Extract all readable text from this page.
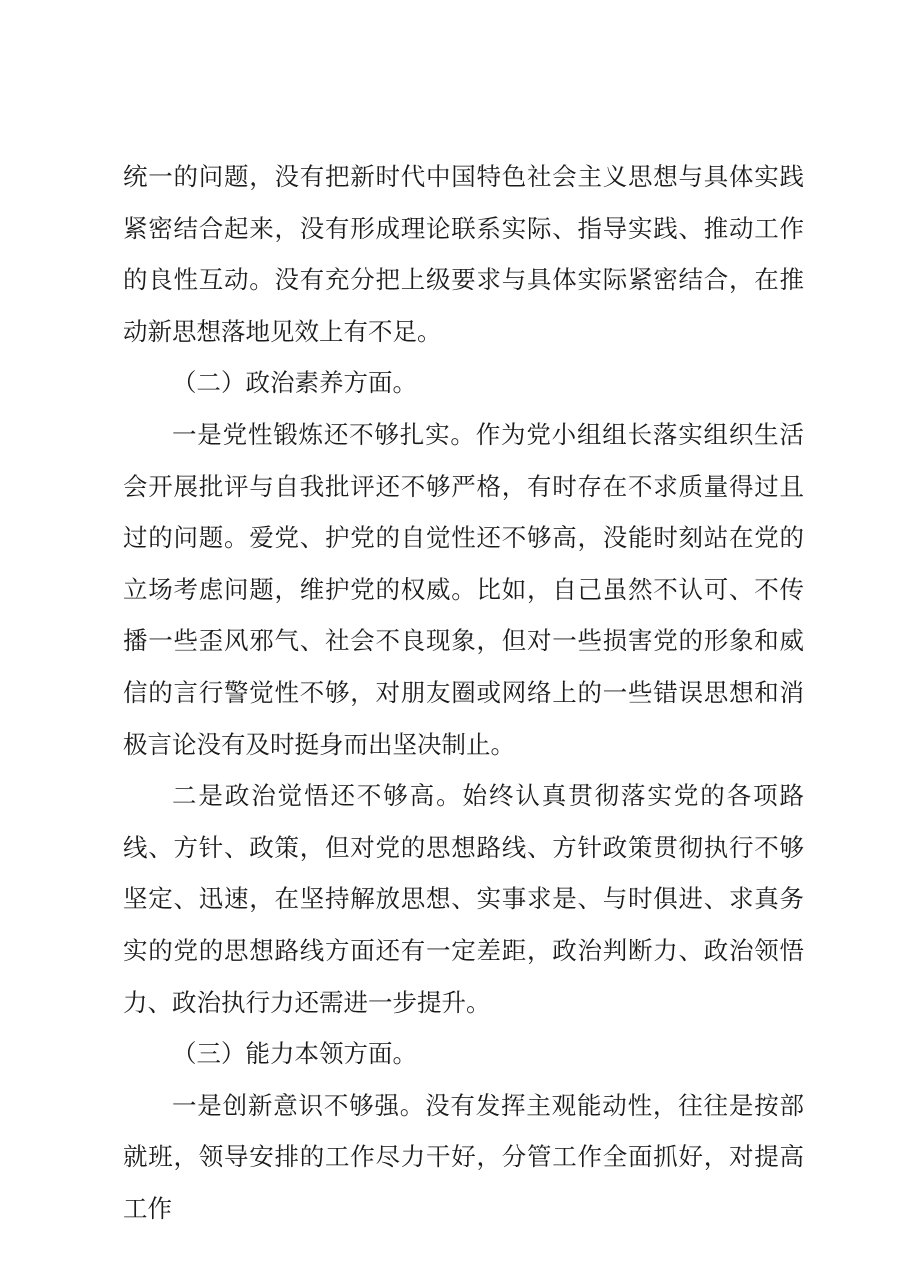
统一的问题，没有把新时代中国特色社会主义思想与具体实践紧密结合起来，没有形成理论联系实际、指导实践、推动工作的良性互动。没有充分把上级要求与具体实际紧密结合，在推动新思想落地见效上有不足。

（二）政治素养方面。

一是党性锻炼还不够扎实。作为党小组组长落实组织生活会开展批评与自我批评还不够严格，有时存在不求质量得过且过的问题。爱党、护党的自觉性还不够高，没能时刻站在党的立场考虑问题，维护党的权威。比如，自己虽然不认可、不传播一些歪风邪气、社会不良现象，但对一些损害党的形象和威信的言行警觉性不够，对朋友圈或网络上的一些错误思想和消极言论没有及时挺身而出坚决制止。

二是政治觉悟还不够高。始终认真贯彻落实党的各项路线、方针、政策，但对党的思想路线、方针政策贯彻执行不够坚定、迅速，在坚持解放思想、实事求是、与时俱进、求真务实的党的思想路线方面还有一定差距，政治判断力、政治领悟力、政治执行力还需进一步提升。

（三）能力本领方面。

一是创新意识不够强。没有发挥主观能动性，往往是按部就班，领导安排的工作尽力干好，分管工作全面抓好，对提高工作
